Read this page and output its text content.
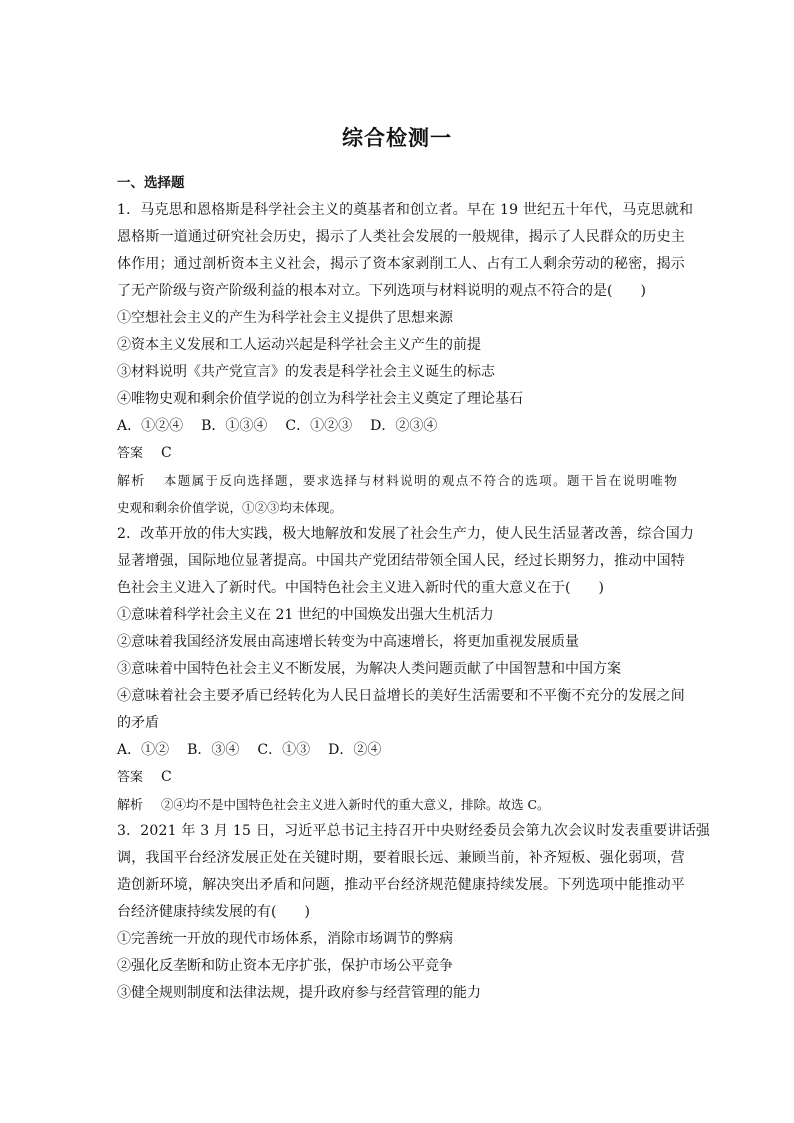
综合检测一
一、选择题
1．马克思和恩格斯是科学社会主义的奠基者和创立者。早在 19 世纪五十年代，马克思就和
恩格斯一道通过研究社会历史，揭示了人类社会发展的一般规律，揭示了人民群众的历史主
体作用；通过剖析资本主义社会，揭示了资本家剥削工人、占有工人剩余劳动的秘密，揭示
了无产阶级与资产阶级利益的根本对立。下列选项与材料说明的观点不符合的是(　　)
①空想社会主义的产生为科学社会主义提供了思想来源
②资本主义发展和工人运动兴起是科学社会主义产生的前提
③材料说明《共产党宣言》的发表是科学社会主义诞生的标志
④唯物史观和剩余价值学说的创立为科学社会主义奠定了理论基石
A．①②④ B．①③④ C．①②③ D．②③④
答案 C
解析 本题属于反向选择题，要求选择与材料说明的观点不符合的选项。题干旨在说明唯物
史观和剩余价值学说，①②③均未体现。
2．改革开放的伟大实践，极大地解放和发展了社会生产力，使人民生活显著改善，综合国力
显著增强，国际地位显著提高。中国共产党团结带领全国人民，经过长期努力，推动中国特
色社会主义进入了新时代。中国特色社会主义进入新时代的重大意义在于(　　)
①意味着科学社会主义在 21 世纪的中国焕发出强大生机活力
②意味着我国经济发展由高速增长转变为中高速增长，将更加重视发展质量
③意味着中国特色社会主义不断发展，为解决人类问题贡献了中国智慧和中国方案
④意味着社会主要矛盾已经转化为人民日益增长的美好生活需要和不平衡不充分的发展之间
的矛盾
A．①② B．③④ C．①③ D．②④
答案 C
解析 ②④均不是中国特色社会主义进入新时代的重大意义，排除。故选 C。
3．2021 年 3 月 15 日，习近平总书记主持召开中央财经委员会第九次会议时发表重要讲话强
调，我国平台经济发展正处在关键时期，要着眼长远、兼顾当前，补齐短板、强化弱项，营
造创新环境，解决突出矛盾和问题，推动平台经济规范健康持续发展。下列选项中能推动平
台经济健康持续发展的有(　　)
①完善统一开放的现代市场体系，消除市场调节的弊病
②强化反垄断和防止资本无序扩张，保护市场公平竞争
③健全规则制度和法律法规，提升政府参与经营管理的能力
